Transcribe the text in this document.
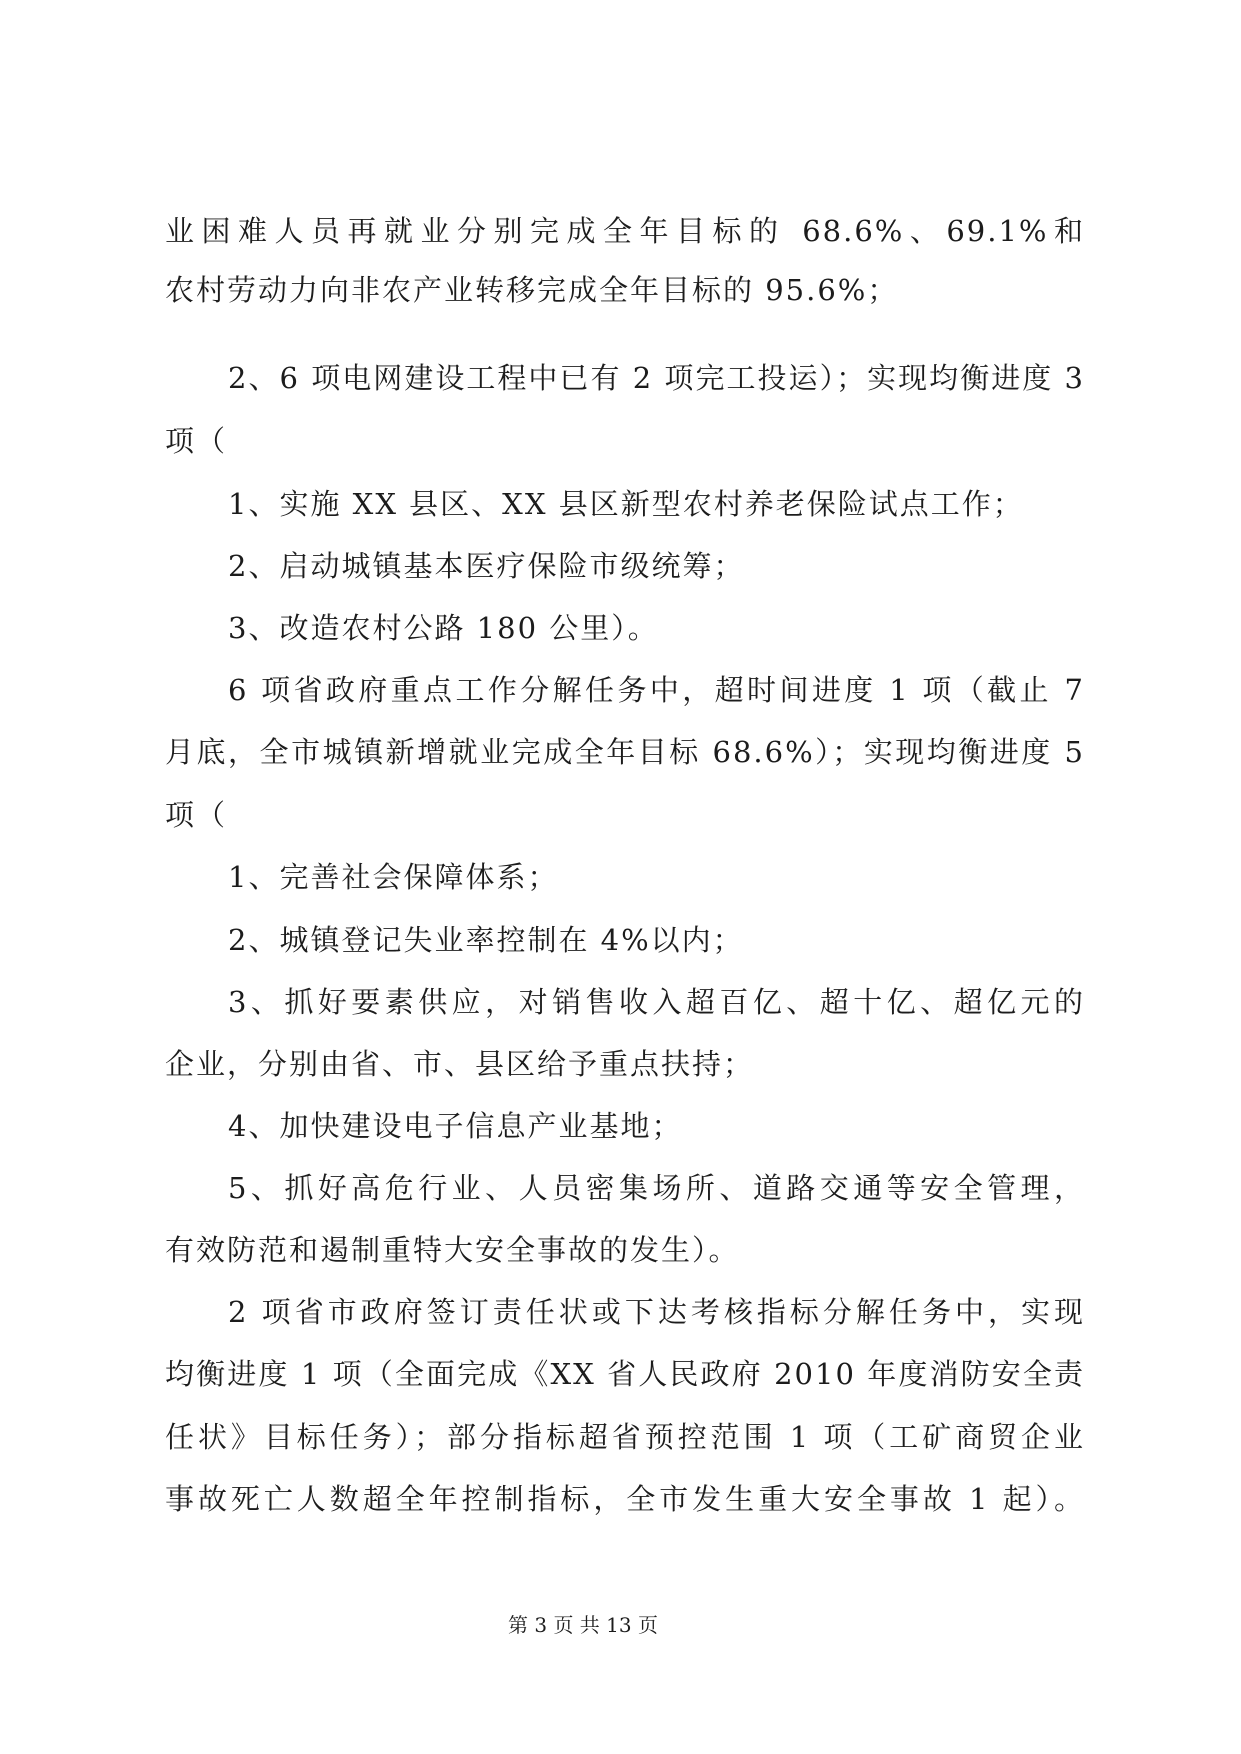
业困难人员再就业分别完成全年目标的 68.6%、69.1%和
农村劳动力向非农产业转移完成全年目标的 95.6%；
2、6 项电网建设工程中已有 2 项完工投运）；实现均衡进度 3
项（
1、实施 XX 县区、XX 县区新型农村养老保险试点工作；
2、启动城镇基本医疗保险市级统筹；
3、改造农村公路 180 公里）。
6 项省政府重点工作分解任务中，超时间进度 1 项（截止 7
月底，全市城镇新增就业完成全年目标 68.6%）；实现均衡进度 5
项（
1、完善社会保障体系；
2、城镇登记失业率控制在 4%以内；
3、抓好要素供应，对销售收入超百亿、超十亿、超亿元的
企业，分别由省、市、县区给予重点扶持；
4、加快建设电子信息产业基地；
5、抓好高危行业、人员密集场所、道路交通等安全管理，
有效防范和遏制重特大安全事故的发生）。
2 项省市政府签订责任状或下达考核指标分解任务中，实现
均衡进度 1 项（全面完成《XX 省人民政府 2010 年度消防安全责
任状》目标任务）；部分指标超省预控范围 1 项（工矿商贸企业
事故死亡人数超全年控制指标，全市发生重大安全事故 1 起）。
第 3 页 共 13 页
